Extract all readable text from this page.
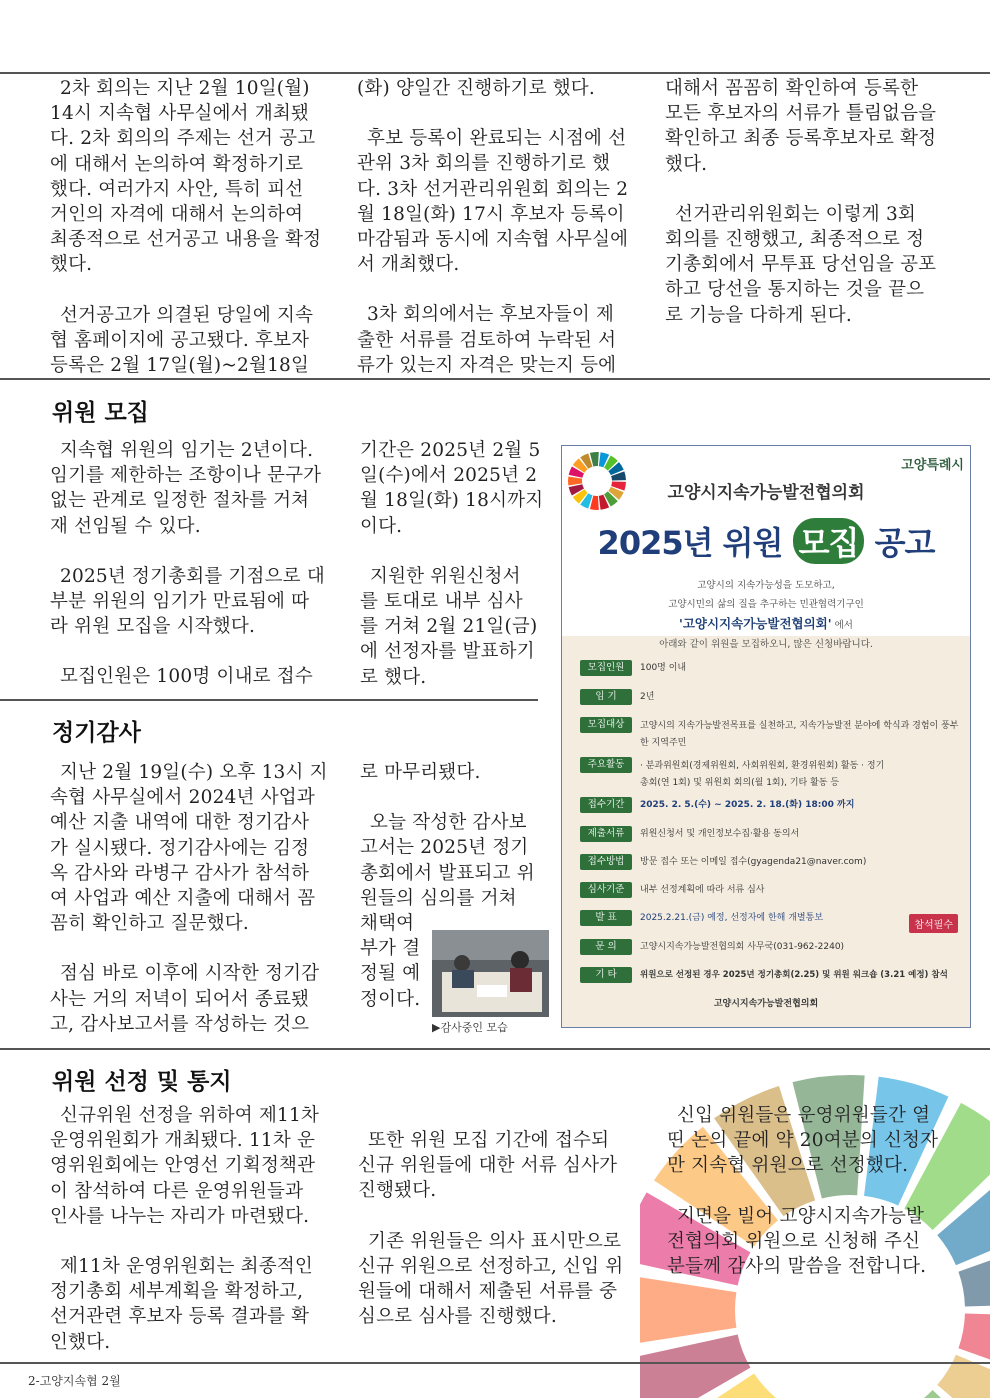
2차 회의는 지난 2월 10일(월)
14시 지속협 사무실에서 개최됐
다. 2차 회의의 주제는 선거 공고
에 대해서 논의하여 확정하기로
했다. 여러가지 사안, 특히 피선
거인의 자격에 대해서 논의하여
최종적으로 선거공고 내용을 확정
했다.

선거공고가 의결된 당일에 지속
협 홈페이지에 공고됐다. 후보자
등록은 2월 17일(월)~2월18일

(화) 양일간 진행하기로 했다.

후보 등록이 완료되는 시점에 선
관위 3차 회의를 진행하기로 했
다. 3차 선거관리위원회 회의는 2
월 18일(화) 17시 후보자 등록이
마감됨과 동시에 지속협 사무실에
서 개최했다.

3차 회의에서는 후보자들이 제
출한 서류를 검토하여 누락된 서
류가 있는지 자격은 맞는지 등에

대해서 꼼꼼히 확인하여 등록한
모든 후보자의 서류가 틀림없음을
확인하고 최종 등록후보자로 확정
했다.

선거관리위원회는 이렇게 3회
회의를 진행했고, 최종적으로 정
기총회에서 무투표 당선임을 공포
하고 당선을 통지하는 것을 끝으
로 기능을 다하게 된다.

위원 모집

지속협 위원의 임기는 2년이다.
임기를 제한하는 조항이나 문구가
없는 관계로 일정한 절차를 거쳐
재 선임될 수 있다.

2025년 정기총회를 기점으로 대
부분 위원의 임기가 만료됨에 따
라 위원 모집을 시작했다.

모집인원은 100명 이내로 접수

기간은 2025년 2월 5
일(수)에서 2025년 2
월 18일(화) 18시까지
이다.

지원한 위원신청서
를 토대로 내부 심사
를 거쳐 2월 21일(금)
에 선정자를 발표하기
로 했다.

고양특례시
고양시지속가능발전협의회
2025년 위원 모집 공고
고양시의 지속가능성을 도모하고,
고양시민의 삶의 질을 추구하는 민관협력기구인
'고양시지속가능발전협의회' 에서
아래와 같이 위원을 모집하오니, 많은 신청바랍니다.
모집인원	100명 이내
임 기	2년
모집대상	고양시의 지속가능발전목표를 실천하고, 지속가능발전 분야에 학식과 경험이 풍부한 지역주민
주요활동	· 분과위원회(경제위원회, 사회위원회, 환경위원회) 활동 · 정기총회(연 1회) 및 위원회 회의(월 1회), 기타 활동 등
접수기간	2025. 2. 5.(수) ~ 2025. 2. 18.(화) 18:00 까지
제출서류	위원신청서 및 개인정보수집·활용 동의서
접수방법	방문 접수 또는 이메일 접수(gyagenda21@naver.com)
심사기준	내부 선정계획에 따라 서류 심사
발 표	2025.2.21.(금) 예정, 선정자에 한해 개별통보
문 의	고양시지속가능발전협의회 사무국(031-962-2240)
기 타	위원으로 선정된 경우 2025년 정기총회(2.25) 및 위원 워크숍 (3.21 예정) 참석
참석필수
고양시지속가능발전협의회
정기감사

지난 2월 19일(수) 오후 13시 지
속협 사무실에서 2024년 사업과
예산 지출 내역에 대한 정기감사
가 실시됐다. 정기감사에는 김정
옥 감사와 라병구 감사가 참석하
여 사업과 예산 지출에 대해서 꼼
꼼히 확인하고 질문했다.

점심 바로 이후에 시작한 정기감
사는 거의 저녁이 되어서 종료됐
고, 감사보고서를 작성하는 것으

로 마무리됐다.

오늘 작성한 감사보
고서는 2025년 정기
총회에서 발표되고 위
원들의 심의를 거쳐
채택여
부가 결
정될 예
정이다.

▶감사중인 모습
위원 선정 및 통지

신규위원 선정을 위하여 제11차
운영위원회가 개최됐다. 11차 운
영위원회에는 안영선 기획정책관
이 참석하여 다른 운영위원들과
인사를 나누는 자리가 마련됐다.

제11차 운영위원회는 최종적인
정기총회 세부계획을 확정하고,
선거관련 후보자 등록 결과를 확
인했다.

또한 위원 모집 기간에 접수되
신규 위원들에 대한 서류 심사가
진행됐다.

기존 위원들은 의사 표시만으로
신규 위원으로 선정하고, 신입 위
원들에 대해서 제출된 서류를 중
심으로 심사를 진행했다.

신입 위원들은 운영위원들간 열
띤 논의 끝에 약 20여분의 신청자
만 지속협 위원으로 선정했다.

지면을 빌어 고양시지속가능발
전협의회 위원으로 신청해 주신
분들께 감사의 말씀을 전합니다.

2-고양지속협 2월
